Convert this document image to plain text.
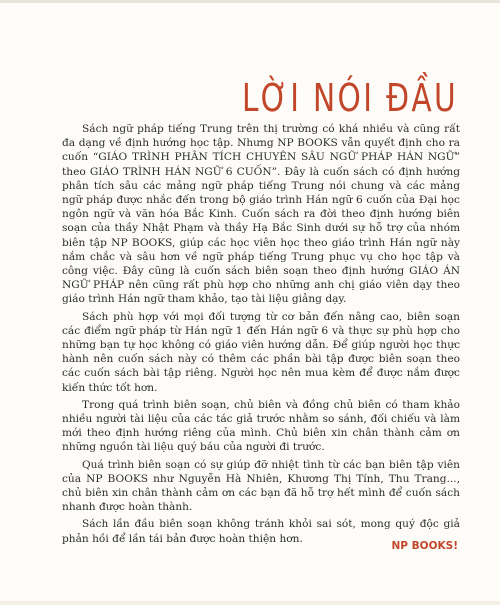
LỜI NÓI ĐẦU

Sách ngữ pháp tiếng Trung trên thị trường có khá nhiều và cũng rất đa dạng về định hướng học tập. Nhưng NP BOOKS vẫn quyết định cho ra cuốn “GIÁO TRÌNH PHÂN TÍCH CHUYÊN SÂU NGỮ PHÁP HÁN NGỮ” theo GIÁO TRÌNH HÁN NGỮ 6 CUỐN”. Đây là cuốn sách có định hướng phân tích sâu các mảng ngữ pháp tiếng Trung nói chung và các mảng ngữ pháp được nhắc đến trong bộ giáo trình Hán ngữ 6 cuốn của Đại học ngôn ngữ và văn hóa Bắc Kinh. Cuốn sách ra đời theo định hướng biên soạn của thầy Nhật Phạm và thầy Hạ Bắc Sinh dưới sự hỗ trợ của nhóm biên tập NP BOOKS, giúp các học viên học theo giáo trình Hán ngữ này nắm chắc và sâu hơn về ngữ pháp tiếng Trung phục vụ cho học tập và công việc. Đây cũng là cuốn sách biên soạn theo định hướng GIÁO ÁN NGỮ PHÁP nên cũng rất phù hợp cho những anh chị giáo viên dạy theo giáo trình Hán ngữ tham khảo, tạo tài liệu giảng dạy.

Sách phù hợp với mọi đối tượng từ cơ bản đến nâng cao, biên soạn các điểm ngữ pháp từ Hán ngữ 1 đến Hán ngữ 6 và thực sự phù hợp cho những bạn tự học không có giáo viên hướng dẫn. Để giúp người học thực hành nên cuốn sách này có thêm các phần bài tập được biên soạn theo các cuốn sách bài tập riêng. Người học nên mua kèm để được nắm được kiến thức tốt hơn.

Trong quá trình biên soạn, chủ biên và đồng chủ biên có tham khảo nhiều người tài liệu của các tác giả trước nhằm so sánh, đối chiếu và làm mới theo định hướng riêng của mình. Chủ biên xin chân thành cảm ơn những nguồn tài liệu quý báu của người đi trước.

Quá trình biên soạn có sự giúp đỡ nhiệt tình từ các bạn biên tập viên của NP BOOKS như Nguyễn Hà Nhiên, Khương Thị Tính, Thu Trang..., chủ biên xin chân thành cảm ơn các bạn đã hỗ trợ hết mình để cuốn sách nhanh được hoàn thành.

Sách lần đầu biên soạn không tránh khỏi sai sót, mong quý độc giả phản hồi để lần tái bản được hoàn thiện hơn.

NP BOOKS!
